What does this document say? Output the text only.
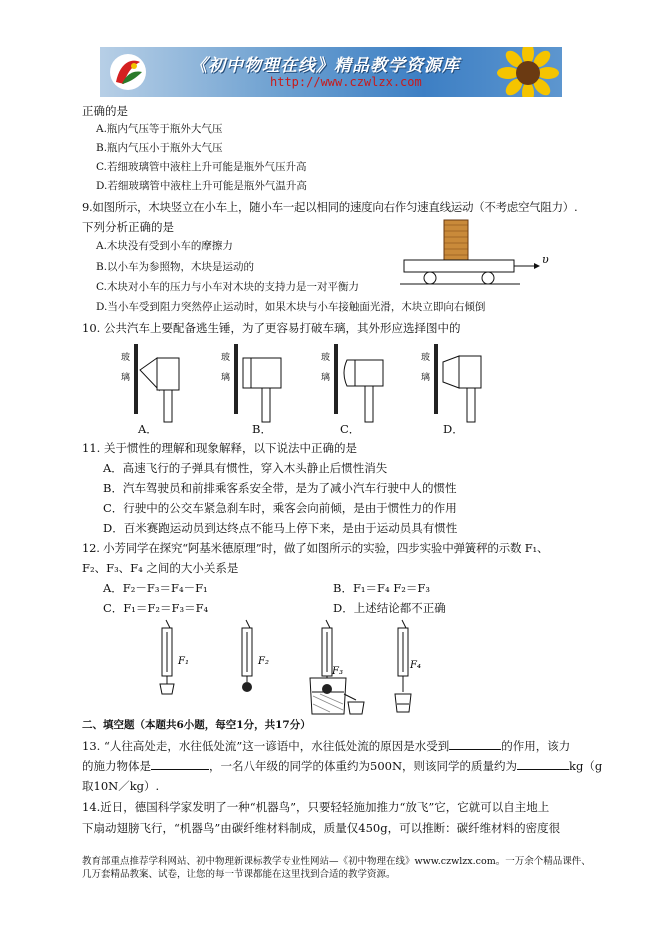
《初中物理在线》精品教学资源库
http://www.czwlzx.com
正确的是
A.瓶内气压等于瓶外大气压
B.瓶内气压小于瓶外大气压
C.若细玻璃管中液柱上升可能是瓶外气压升高
D.若细玻璃管中液柱上升可能是瓶外气温升高
9.如图所示，木块竖立在小车上，随小车一起以相同的速度向右作匀速直线运动（不考虑空气阻力）.
下列分析正确的是
A.木块没有受到小车的摩擦力
B.以小车为参照物，木块是运动的
C.木块对小车的压力与小车对木块的支持力是一对平衡力
D.当小车受到阻力突然停止运动时，如果木块与小车接触面光滑，木块立即向右倾倒
υ
10. 公共汽车上要配备逃生锤，为了更容易打破车璃，其外形应选择图中的
玻
璃
玻
璃
玻
璃
玻
璃
A．	B．	C．	D．
11. 关于惯性的理解和现象解释，以下说法中正确的是
A．高速飞行的子弹具有惯性，穿入木头静止后惯性消失
B．汽车驾驶员和前排乘客系安全带，是为了减小汽车行驶中人的惯性
C．行驶中的公交车紧急刹车时，乘客会向前倾，是由于惯性力的作用
D．百米赛跑运动员到达终点不能马上停下来，是由于运动员具有惯性
12. 小芳同学在探究“阿基米德原理”时，做了如图所示的实验，四步实验中弹簧秤的示数 F₁、
F₂、F₃、F₄ 之间的大小关系是
A．F₂－F₃＝F₄－F₁	B．F₁＝F₄ F₂＝F₃
C．F₁＝F₂＝F₃＝F₄	D．上述结论都不正确
F₁	F₂
F₃
F₄
二、填空题（本题共6小题，每空1分，共17分）
13. “人往高处走，水往低处流”这一谚语中，水往低处流的原因是水受到	的作用，该力
的施力物体是	，一名八年级的同学的体重约为500N，则该同学的质量约为	kg（g
取10N／kg）.
14.近日，德国科学家发明了一种“机器鸟”，只要轻轻施加推力“放飞”它，它就可以自主地上
下扇动翅膀飞行，“机器鸟”由碳纤维材料制成，质量仅450g，可以推断：碳纤维材料的密度很
教育部重点推荐学科网站、初中物理新课标教学专业性网站—《初中物理在线》www.czwlzx.com。一万余个精品课件、几万套精品教案、试卷，让您的每一节课都能在这里找到合适的教学资源。
